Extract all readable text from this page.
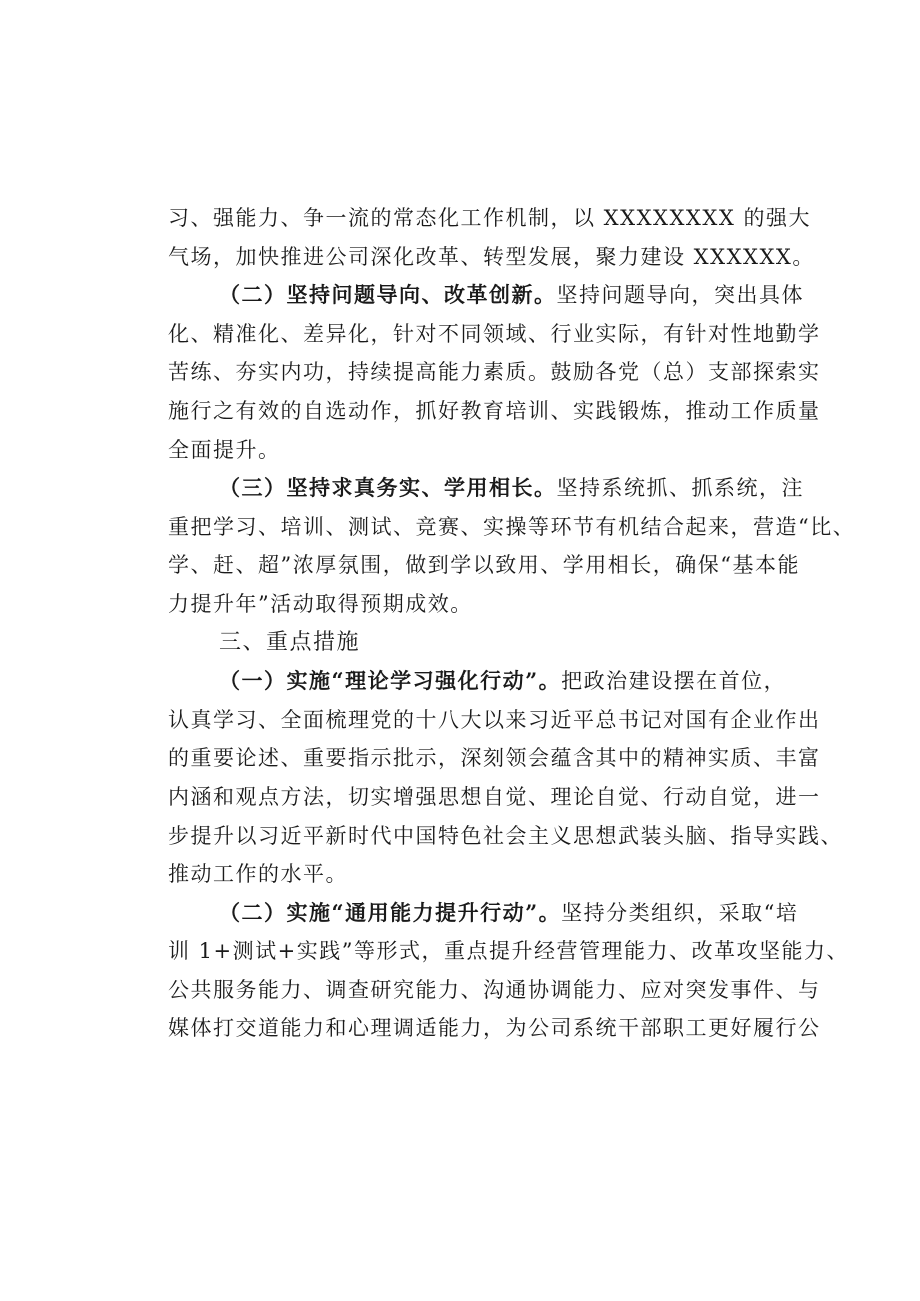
习、强能力、争一流的常态化工作机制，以 XXXXXXXX 的强大
气场，加快推进公司深化改革、转型发展，聚力建设 XXXXXX。
（二）坚持问题导向、改革创新。坚持问题导向，突出具体
化、精准化、差异化，针对不同领域、行业实际，有针对性地勤学
苦练、夯实内功，持续提高能力素质。鼓励各党（总）支部探索实
施行之有效的自选动作，抓好教育培训、实践锻炼，推动工作质量
全面提升。
（三）坚持求真务实、学用相长。坚持系统抓、抓系统，注
重把学习、培训、测试、竞赛、实操等环节有机结合起来，营造“比、
学、赶、超”浓厚氛围，做到学以致用、学用相长，确保“基本能
力提升年”活动取得预期成效。
三、重点措施
（一）实施“理论学习强化行动”。把政治建设摆在首位，
认真学习、全面梳理党的十八大以来习近平总书记对国有企业作出
的重要论述、重要指示批示，深刻领会蕴含其中的精神实质、丰富
内涵和观点方法，切实增强思想自觉、理论自觉、行动自觉，进一
步提升以习近平新时代中国特色社会主义思想武装头脑、指导实践、
推动工作的水平。
（二）实施“通用能力提升行动”。坚持分类组织，采取“培
训 1+测试+实践”等形式，重点提升经营管理能力、改革攻坚能力、
公共服务能力、调查研究能力、沟通协调能力、应对突发事件、与
媒体打交道能力和心理调适能力，为公司系统干部职工更好履行公
